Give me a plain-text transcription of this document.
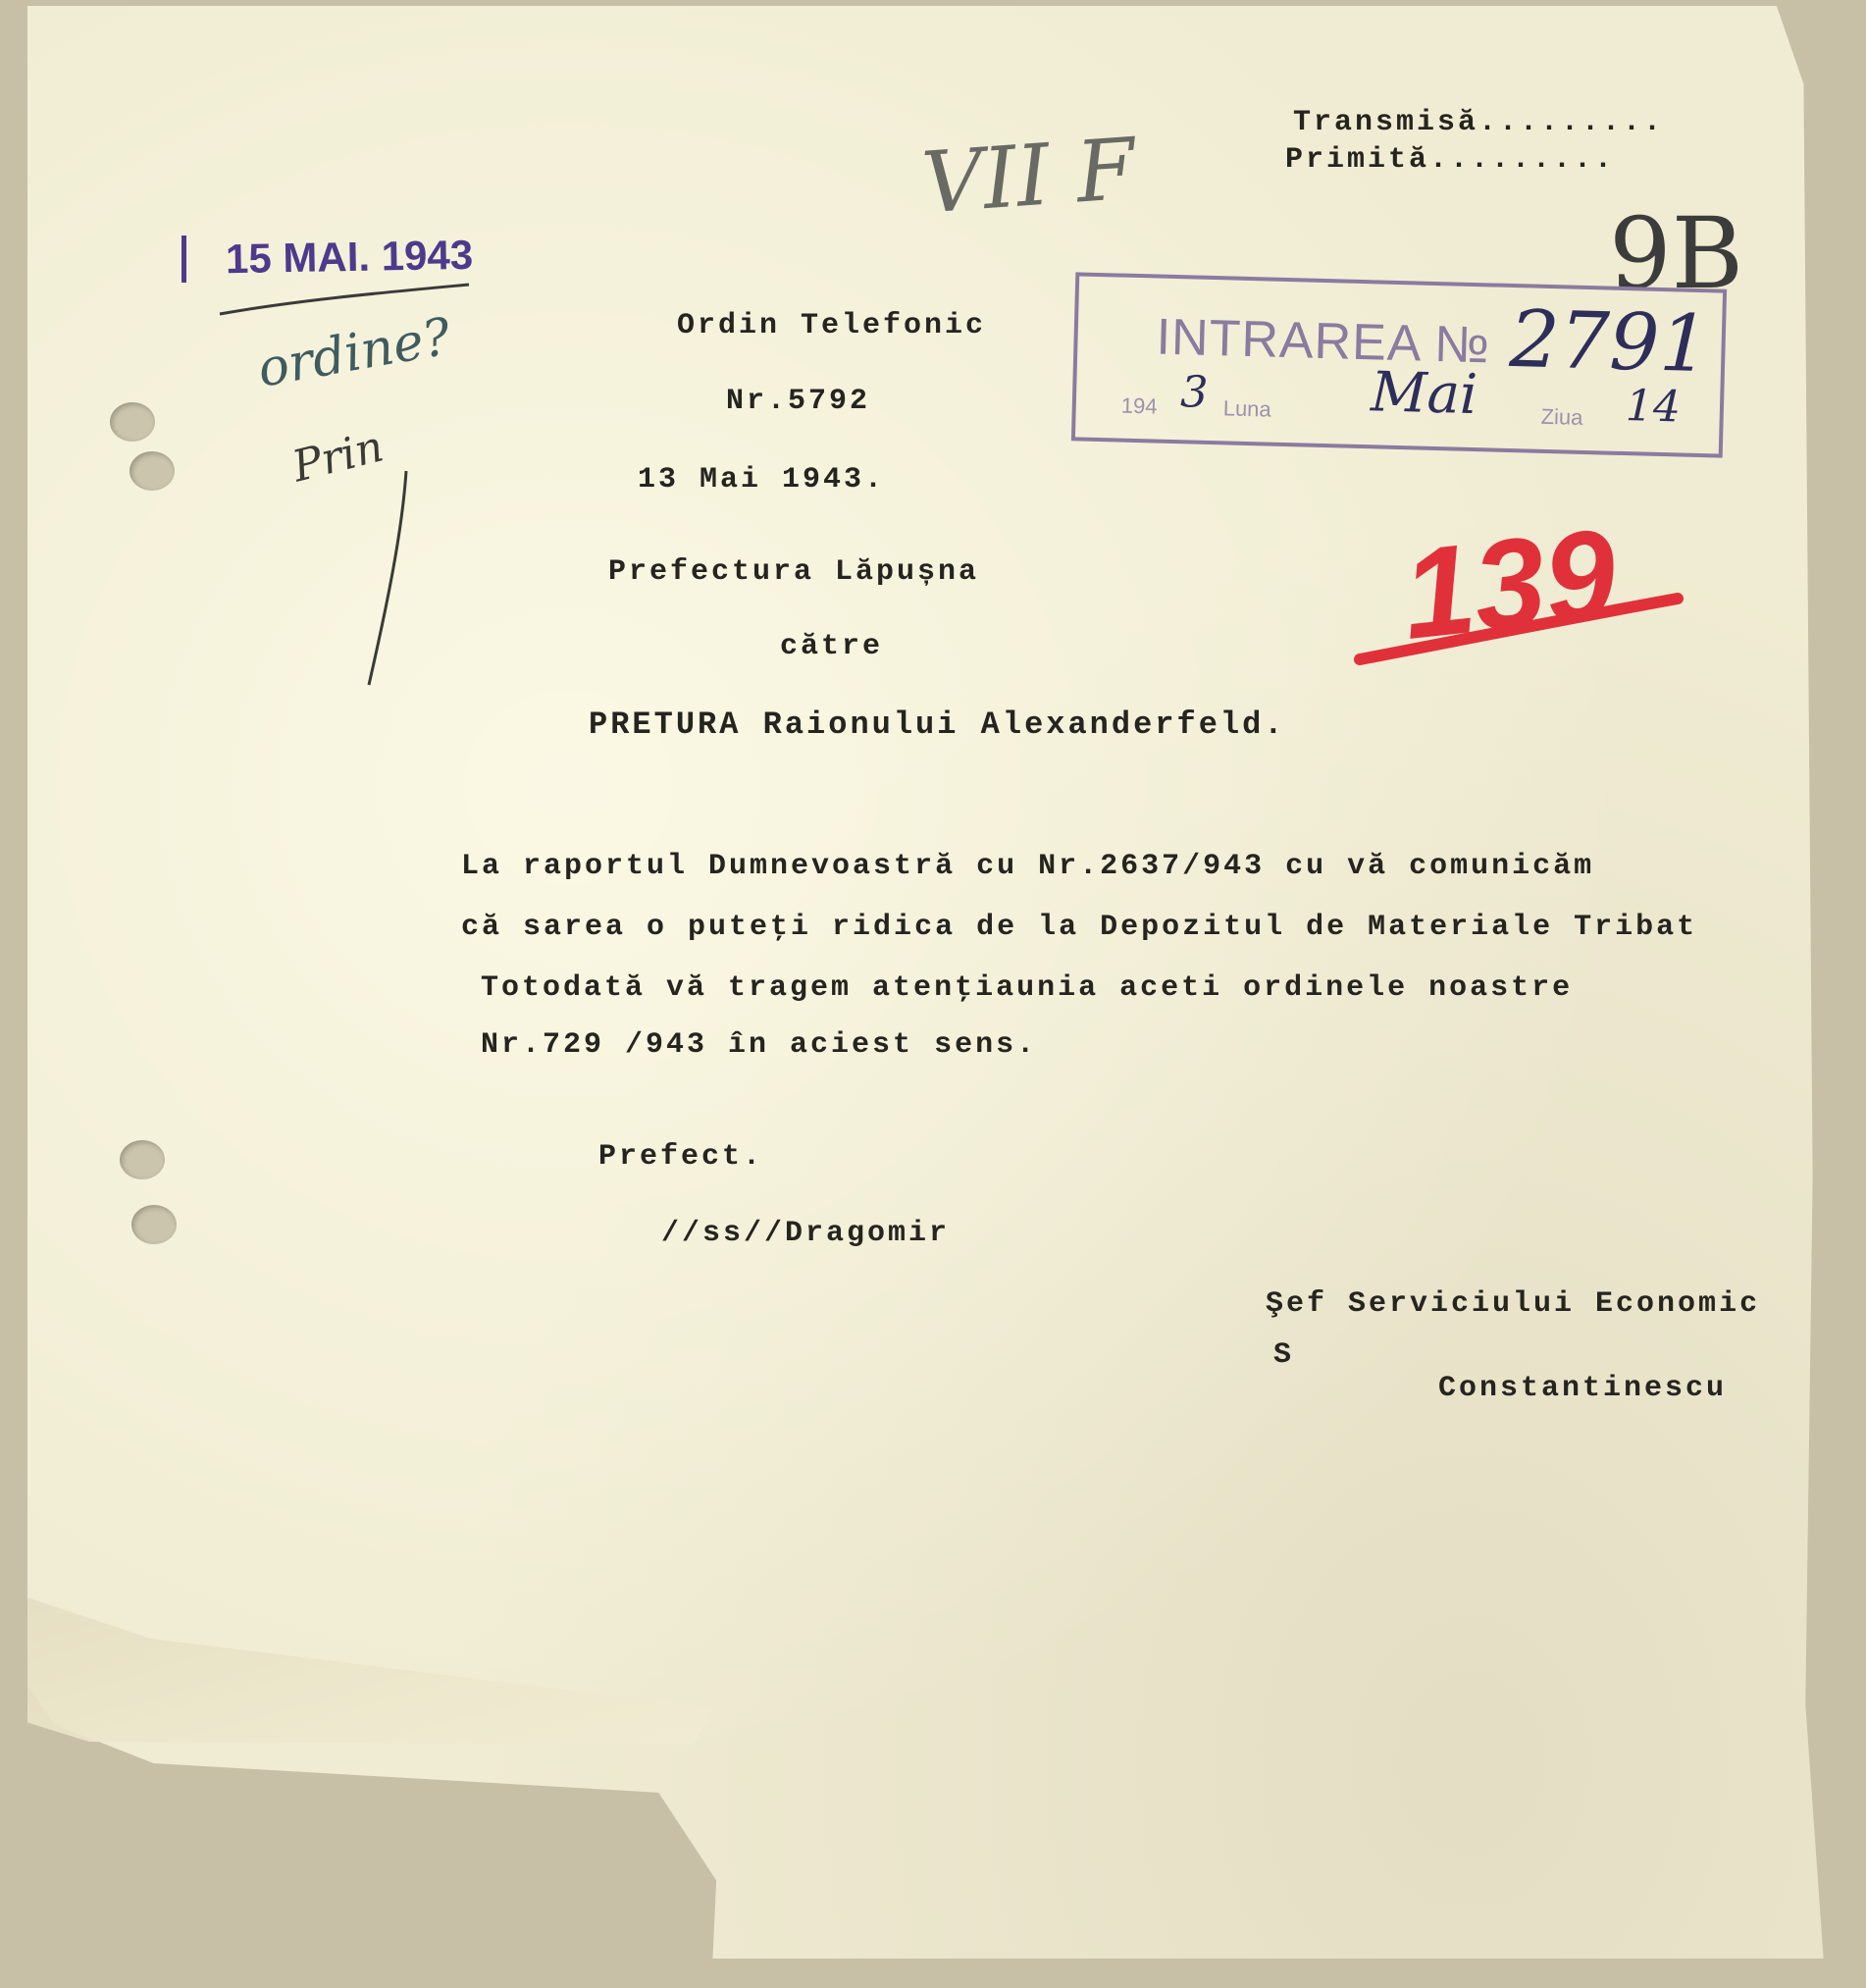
Transmisă.........
Primită.........
15 MAI. 1943
VII F
ordine?
Prin
9B
INTRAREA № 2791
194 3 Luna Mai	Ziua 14
139
Ordin Telefonic
Nr.5792
13 Mai 1943.
Prefectura Lăpușna
către
PRETURA Raionului Alexanderfeld.
La raportul Dumnevoastră cu Nr.2637/943 cu vă comunicăm
că sarea o puteţi ridica de la Depozitul de Materiale Tribat
Totodată vă tragem atenţiaunia aceti ordinele noastre
Nr.729 /943 în aciest sens.
Prefect.
//ss//Dragomir
Şef Serviciului Economic
S
Constantinescu
